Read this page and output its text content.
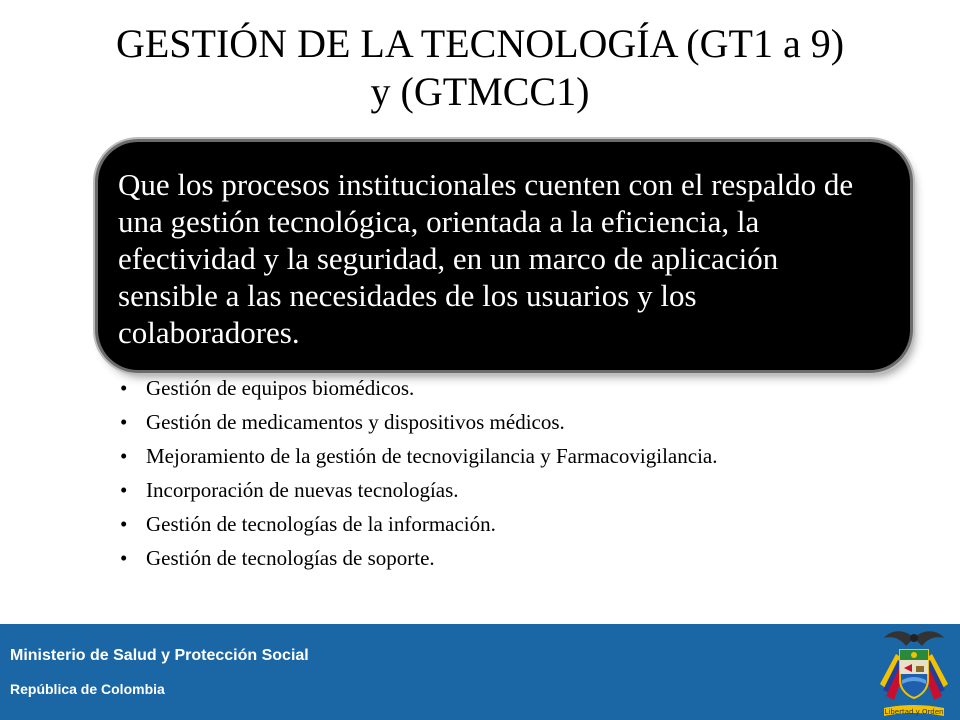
GESTIÓN DE LA TECNOLOGÍA (GT1 a 9)
y (GTMCC1)
Que los procesos institucionales cuenten con el respaldo de una gestión tecnológica, orientada a la eficiencia, la efectividad y la seguridad, en un marco de aplicación sensible a las necesidades de los usuarios y los colaboradores.
• Gestión de equipos biomédicos.
• Gestión de medicamentos y dispositivos médicos.
• Mejoramiento de la gestión de tecnovigilancia y Farmacovigilancia.
• Incorporación de nuevas tecnologías.
• Gestión de tecnologías de la información.
• Gestión de tecnologías de soporte.
Ministerio de Salud y Protección Social
República de Colombia
Libertad y Orden
